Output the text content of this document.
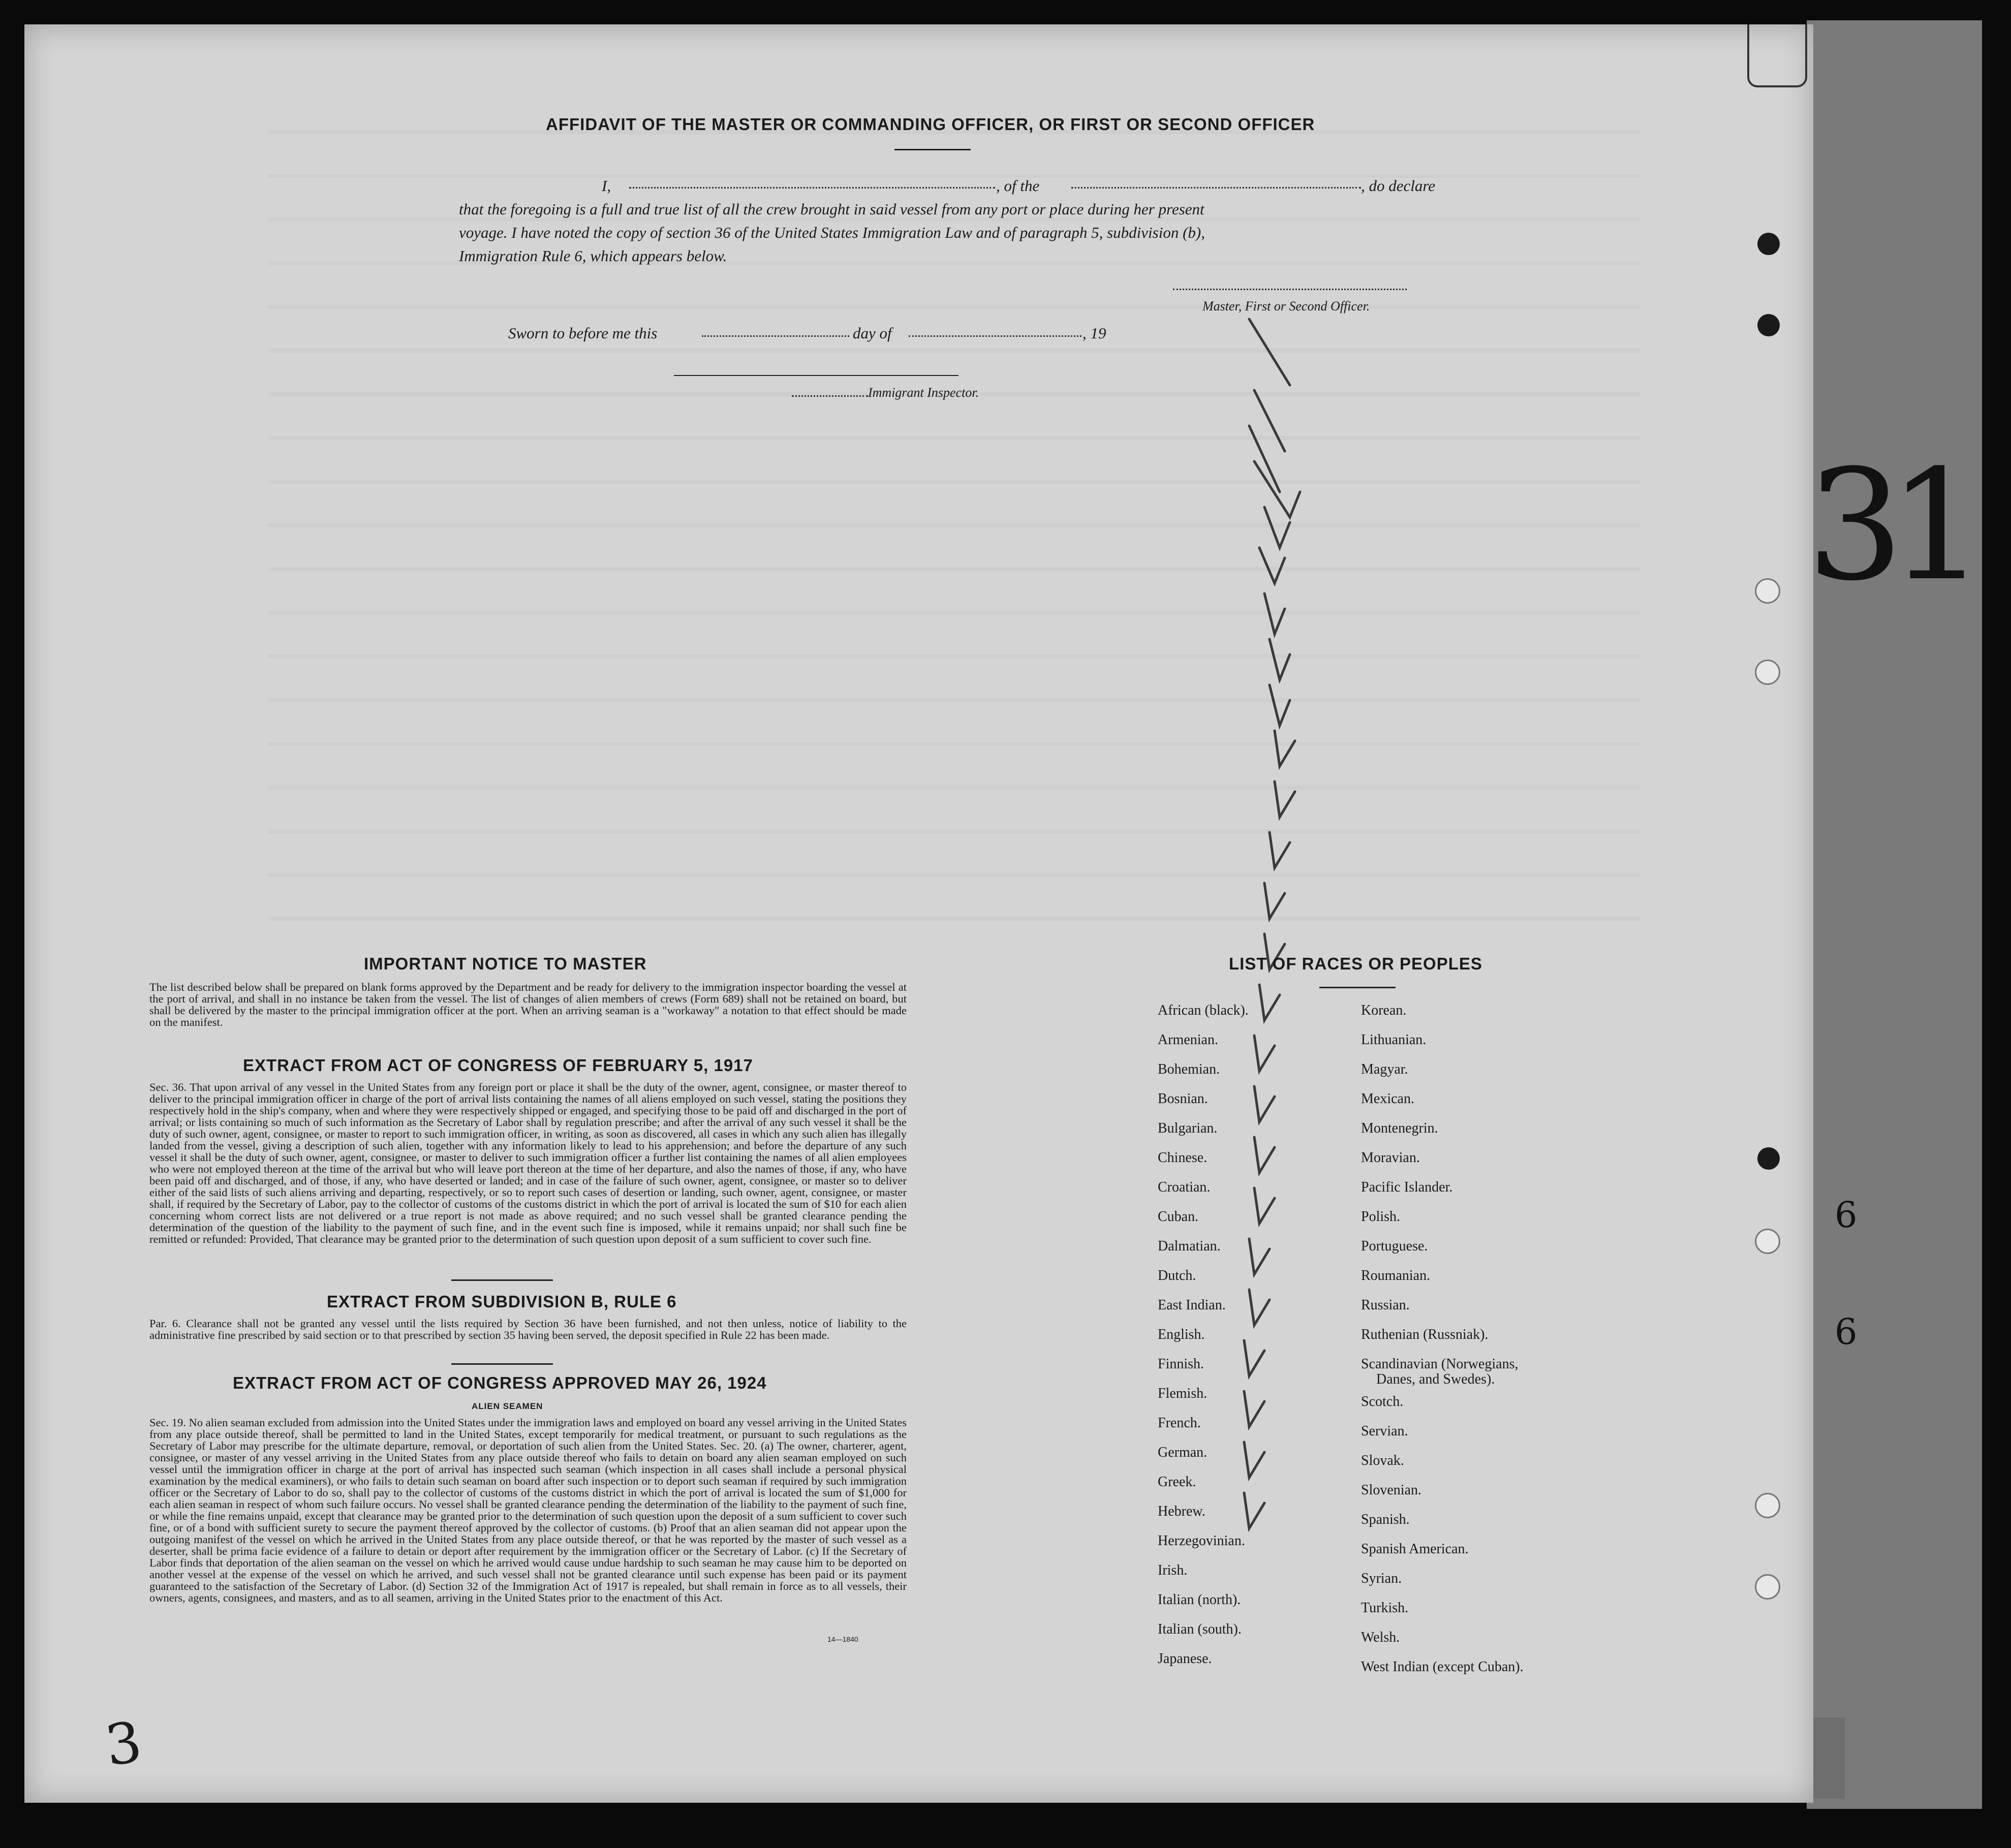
AFFIDAVIT OF THE MASTER OR COMMANDING OFFICER, OR FIRST OR SECOND OFFICER
I,	, of the	, do declare
that the foregoing is a full and true list of all the crew brought in said vessel from any port or place during her present
voyage. I have noted the copy of section 36 of the United States Immigration Law and of paragraph 5, subdivision (b),
Immigration Rule 6, which appears below.
Master, First or Second Officer.
Sworn to before me this	day of	, 19
Immigrant Inspector.
IMPORTANT NOTICE TO MASTER
The list described below shall be prepared on blank forms approved by the Department and be ready for delivery to the immigration inspector boarding the vessel at the port of arrival, and shall in no instance be taken from the vessel. The list of changes of alien members of crews (Form 689) shall not be retained on board, but shall be delivered by the master to the principal immigration officer at the port. When an arriving seaman is a "workaway" a notation to that effect should be made on the manifest.
EXTRACT FROM ACT OF CONGRESS OF FEBRUARY 5, 1917
Sec. 36. That upon arrival of any vessel in the United States from any foreign port or place it shall be the duty of the owner, agent, consignee, or master thereof to deliver to the principal immigration officer in charge of the port of arrival lists containing the names of all aliens employed on such vessel, stating the positions they respectively hold in the ship's company, when and where they were respectively shipped or engaged, and specifying those to be paid off and discharged in the port of arrival; or lists containing so much of such information as the Secretary of Labor shall by regulation prescribe; and after the arrival of any such vessel it shall be the duty of such owner, agent, consignee, or master to report to such immigration officer, in writing, as soon as discovered, all cases in which any such alien has illegally landed from the vessel, giving a description of such alien, together with any information likely to lead to his apprehension; and before the departure of any such vessel it shall be the duty of such owner, agent, consignee, or master to deliver to such immigration officer a further list containing the names of all alien employees who were not employed thereon at the time of the arrival but who will leave port thereon at the time of her departure, and also the names of those, if any, who have been paid off and discharged, and of those, if any, who have deserted or landed; and in case of the failure of such owner, agent, consignee, or master so to deliver either of the said lists of such aliens arriving and departing, respectively, or so to report such cases of desertion or landing, such owner, agent, consignee, or master shall, if required by the Secretary of Labor, pay to the collector of customs of the customs district in which the port of arrival is located the sum of $10 for each alien concerning whom correct lists are not delivered or a true report is not made as above required; and no such vessel shall be granted clearance pending the determination of the question of the liability to the payment of such fine, and in the event such fine is imposed, while it remains unpaid; nor shall such fine be remitted or refunded: Provided, That clearance may be granted prior to the determination of such question upon deposit of a sum sufficient to cover such fine.
EXTRACT FROM SUBDIVISION B, RULE 6
Par. 6. Clearance shall not be granted any vessel until the lists required by Section 36 have been furnished, and not then unless, notice of liability to the administrative fine prescribed by said section or to that prescribed by section 35 having been served, the deposit specified in Rule 22 has been made.
EXTRACT FROM ACT OF CONGRESS APPROVED MAY 26, 1924
ALIEN SEAMEN
Sec. 19. No alien seaman excluded from admission into the United States under the immigration laws and employed on board any vessel arriving in the United States from any place outside thereof, shall be permitted to land in the United States, except temporarily for medical treatment, or pursuant to such regulations as the Secretary of Labor may prescribe for the ultimate departure, removal, or deportation of such alien from the United States. Sec. 20. (a) The owner, charterer, agent, consignee, or master of any vessel arriving in the United States from any place outside thereof who fails to detain on board any alien seaman employed on such vessel until the immigration officer in charge at the port of arrival has inspected such seaman (which inspection in all cases shall include a personal physical examination by the medical examiners), or who fails to detain such seaman on board after such inspection or to deport such seaman if required by such immigration officer or the Secretary of Labor to do so, shall pay to the collector of customs of the customs district in which the port of arrival is located the sum of $1,000 for each alien seaman in respect of whom such failure occurs. No vessel shall be granted clearance pending the determination of the liability to the payment of such fine, or while the fine remains unpaid, except that clearance may be granted prior to the determination of such question upon the deposit of a sum sufficient to cover such fine, or of a bond with sufficient surety to secure the payment thereof approved by the collector of customs. (b) Proof that an alien seaman did not appear upon the outgoing manifest of the vessel on which he arrived in the United States from any place outside thereof, or that he was reported by the master of such vessel as a deserter, shall be prima facie evidence of a failure to detain or deport after requirement by the immigration officer or the Secretary of Labor. (c) If the Secretary of Labor finds that deportation of the alien seaman on the vessel on which he arrived would cause undue hardship to such seaman he may cause him to be deported on another vessel at the expense of the vessel on which he arrived, and such vessel shall not be granted clearance until such expense has been paid or its payment guaranteed to the satisfaction of the Secretary of Labor. (d) Section 32 of the Immigration Act of 1917 is repealed, but shall remain in force as to all vessels, their owners, agents, consignees, and masters, and as to all seamen, arriving in the United States prior to the enactment of this Act.
14—1840
LIST OF RACES OR PEOPLES
African (black).
Armenian.
Bohemian.
Bosnian.
Bulgarian.
Chinese.
Croatian.
Cuban.
Dalmatian.
Dutch.
East Indian.
English.
Finnish.
Flemish.
French.
German.
Greek.
Hebrew.
Herzegovinian.
Irish.
Italian (north).
Italian (south).
Japanese.
Korean.
Lithuanian.
Magyar.
Mexican.
Montenegrin.
Moravian.
Pacific Islander.
Polish.
Portuguese.
Roumanian.
Russian.
Ruthenian (Russniak).
Scandinavian (Norwegians,
Danes, and Swedes).
Scotch.
Servian.
Slovak.
Slovenian.
Spanish.
Spanish American.
Syrian.
Turkish.
Welsh.
West Indian (except Cuban).
3
31
6
6
